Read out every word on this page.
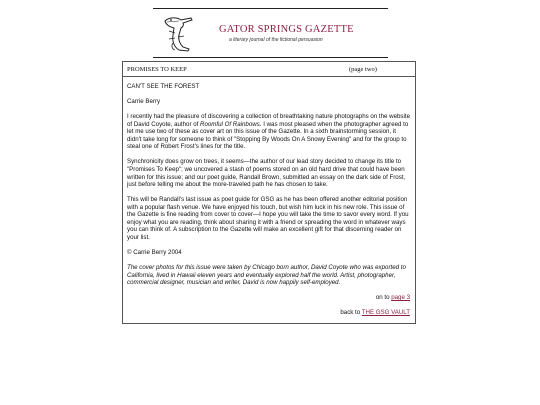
GATOR SPRINGS GAZETTE
a literary journal of the fictional persuasion
PROMISES TO KEEP	(page two)

CAN'T SEE THE FOREST

Carrie Berry

I recently had the pleasure of discovering a collection of breathtaking nature photographs on the website of David Coyote, author of Roomful Of Rainbows. I was most pleased when the photographer agreed to let me use two of these as cover art on this issue of the Gazette. In a sixth brainstorming session, it didn't take long for someone to think of "Stopping By Woods On A Snowy Evening" and for the group to steal one of Robert Frost's lines for the title.

Synchronicity does grow on trees, it seems—the author of our lead story decided to change its title to "Promises To Keep"; we uncovered a stash of poems stored on an old hard drive that could have been written for this issue; and our poet guide, Randall Brown, submitted an essay on the dark side of Frost, just before telling me about the more-traveled path he has chosen to take.

This will be Randall's last issue as poet guide for GSG as he has been offered another editorial position with a popular flash venue. We have enjoyed his touch, but wish him luck in his new role. This issue of the Gazette is fine reading from cover to cover—I hope you will take the time to savor every word. If you enjoy what you are reading, think about sharing it with a friend or spreading the word in whatever ways you can think of. A subscription to the Gazette will make an excellent gift for that discerning reader on your list.

© Carrie Berry 2004

The cover photos for this issue were taken by Chicago born author, David Coyote who was exported to California, lived in Hawaii eleven years and eventually explored half the world. Artist, photographer, commercial designer, musician and writer, David is now happily self-employed.

on to page 3

back to THE GSG VAULT
